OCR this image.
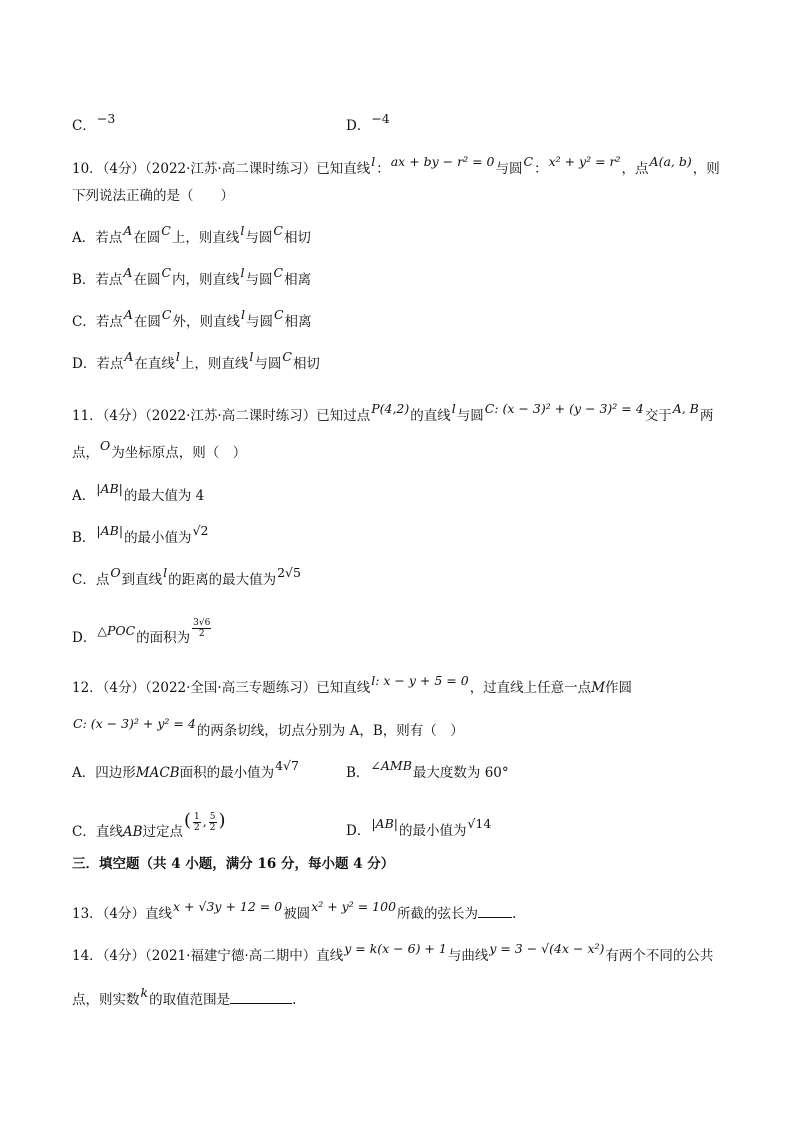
C．−3	D．−4
10．（4分）（2022·江苏·高二课时练习）已知直线l：ax + by − r² = 0与圆C：x² + y² = r²，点A(a, b)，则
下列说法正确的是（　　）
A．若点A在圆C上，则直线l与圆C相切
B．若点A在圆C内，则直线l与圆C相离
C．若点A在圆C外，则直线l与圆C相离
D．若点A在直线l上，则直线l与圆C相切
11．（4分）（2022·江苏·高二课时练习）已知过点P(4,2)的直线l与圆C: (x − 3)² + (y − 3)² = 4交于A, B两
点，O为坐标原点，则（　）
A．|AB|的最大值为 4
B．|AB|的最小值为√2
C．点O到直线l的距离的最大值为2√5
D．△POC的面积为 $\frac{3√6}{2}$
12．（4分）（2022·全国·高三专题练习）已知直线l: x − y + 5 = 0，过直线上任意一点M作圆
C: (x − 3)² + y² = 4的两条切线，切点分别为 A，B，则有（　）
A．四边形MACB面积的最小值为4√7	B．∠AMB最大度数为 60°
C．直线AB过定点( $\frac{1}{2}$ , $\frac{5}{2}$ )	D．|AB|的最小值为√14
三．填空题（共 4 小题，满分 16 分，每小题 4 分）
13．（4分）直线x + √3y + 12 = 0被圆x² + y² = 100所截的弦长为	.
14．（4分）（2021·福建宁德·高二期中）直线y = k(x − 6) + 1与曲线y = 3 − √(4x − x²)有两个不同的公共
点，则实数k的取值范围是	.
